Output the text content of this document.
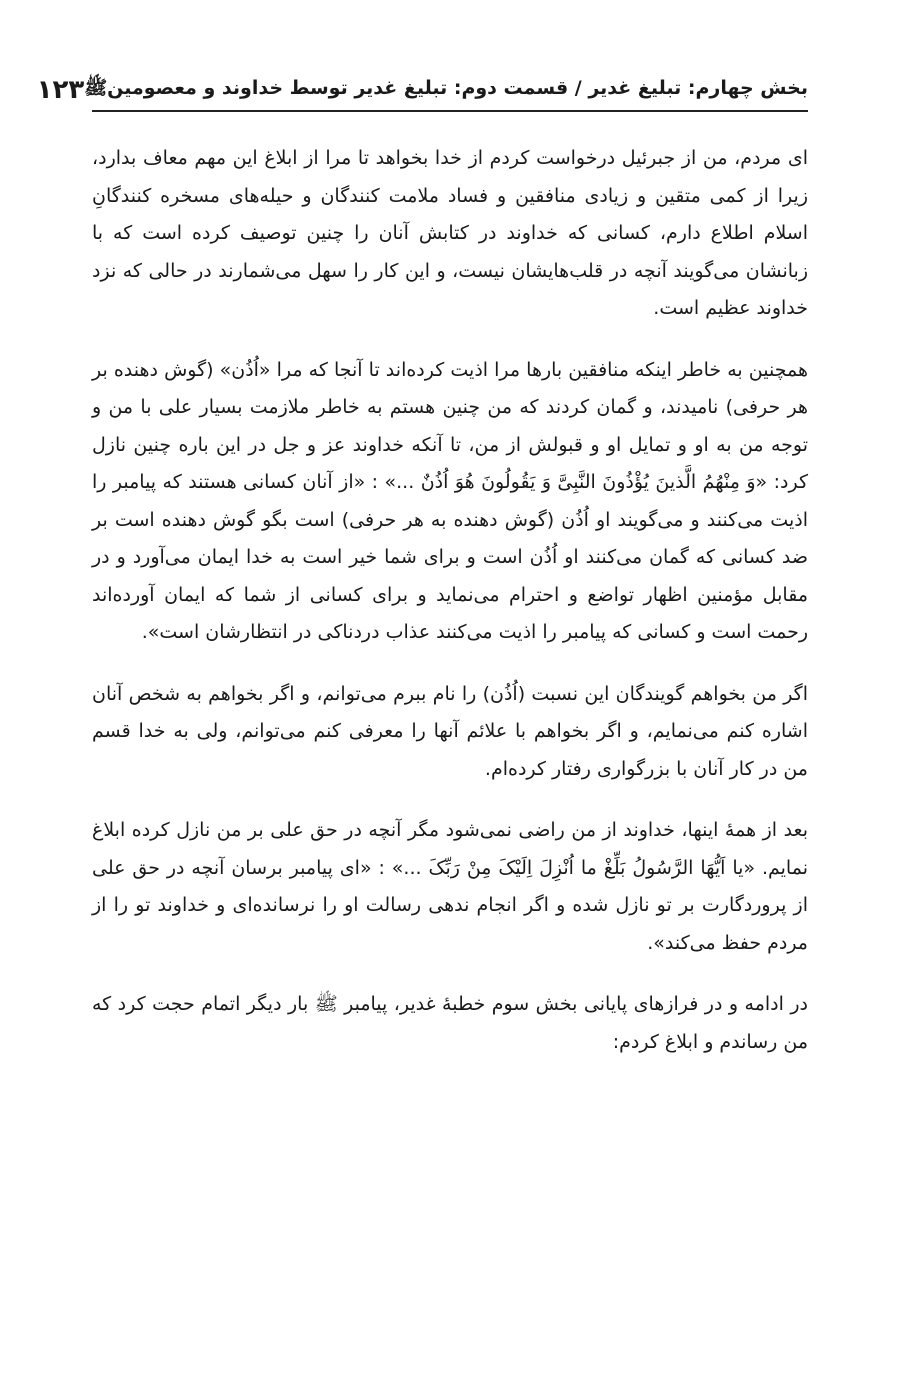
بخش چهارم: تبلیغ غدیر / قسمت دوم: تبلیغ غدیر توسط خداوند و معصومینﷺ
۱۲۳

ای مردم، من از جبرئیل درخواست کردم از خدا بخواهد تا مرا از ابلاغ این مهم معاف بدارد، زیرا از کمی متقین و زیادی منافقین و فساد ملامت کنندگان و حیله‌های مسخره کنندگانِ اسلام اطلاع دارم، کسانی که خداوند در کتابش آنان را چنین توصیف کرده است که با زبانشان می‌گویند آنچه در قلب‌هایشان نیست، و این کار را سهل می‌شمارند در حالی که نزد خداوند عظیم است.

همچنین به خاطر اینکه منافقین بارها مرا اذیت کرده‌اند تا آنجا که مرا «اُذُن» (گوش دهنده بر هر حرفی) نامیدند، و گمان کردند که من چنین هستم به خاطر ملازمت بسیار علی با من و توجه من به او و تمایل او و قبولش از من، تا آنکه خداوند عز و جل در این باره چنین نازل کرد: «وَ مِنْهُمُ الَّذینَ یُؤْذُونَ النَّبِیَّ وَ یَقُولُونَ هُوَ اُذُنٌ ...» : «از آنان کسانی هستند که پیامبر را اذیت می‌کنند و می‌گویند او اُذُن (گوش دهنده به هر حرفی) است بگو گوش دهنده است بر ضد کسانی که گمان می‌کنند او اُذُن است و برای شما خیر است به خدا ایمان می‌آورد و در مقابل مؤمنین اظهار تواضع و احترام می‌نماید و برای کسانی از شما که ایمان آورده‌اند رحمت است و کسانی که پیامبر را اذیت می‌کنند عذاب دردناکی در انتظارشان است».

اگر من بخواهم گویندگان این نسبت (اُذُن) را نام ببرم می‌توانم، و اگر بخواهم به شخص آنان اشاره کنم می‌نمایم، و اگر بخواهم با علائم آنها را معرفی کنم می‌توانم، ولی به خدا قسم من در کار آنان با بزرگواری رفتار کرده‌ام.

بعد از همهٔ اینها، خداوند از من راضی نمی‌شود مگر آنچه در حق علی بر من نازل کرده ابلاغ نمایم. «یا اَیُّهَا الرَّسُولُ بَلِّغْ ما اُنْزِلَ اِلَیْکَ مِنْ رَبِّکَ ...» : «ای پیامبر برسان آنچه در حق علی از پروردگارت بر تو نازل شده و اگر انجام ندهی رسالت او را نرسانده‌ای و خداوند تو را از مردم حفظ می‌کند».

در ادامه و در فرازهای پایانی بخش سوم خطبهٔ غدیر، پیامبر ﷺ بار دیگر اتمام حجت کرد که من رساندم و ابلاغ کردم:
